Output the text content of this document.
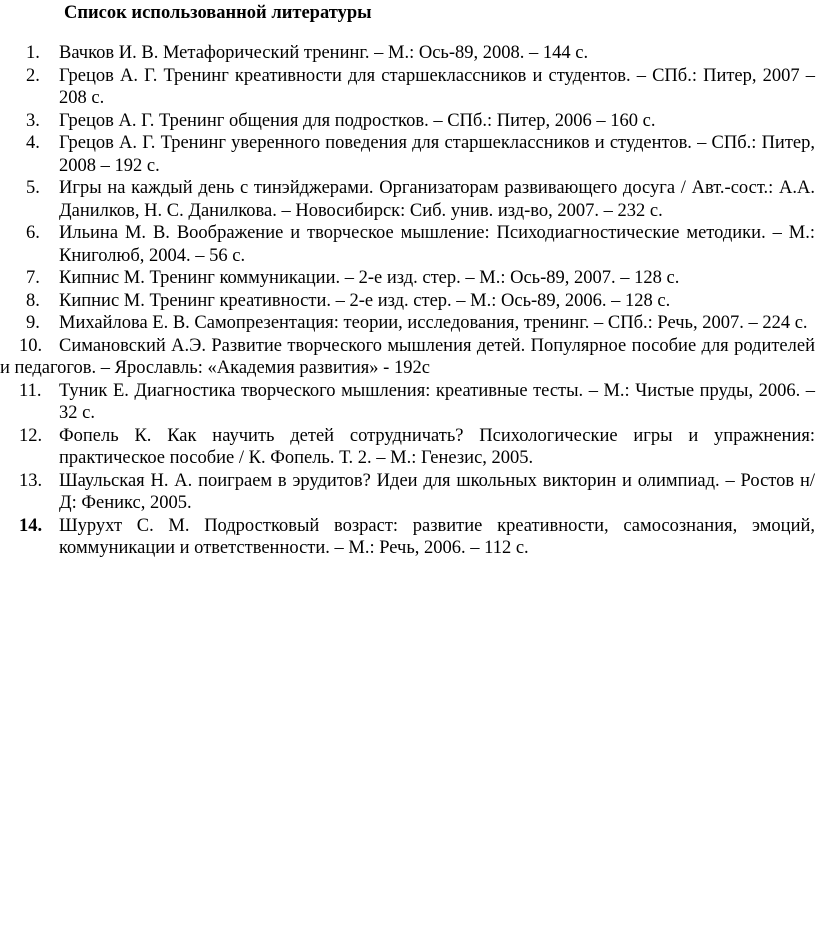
Список использованной литературы
1. Вачков И. В. Метафорический тренинг. – М.: Ось-89, 2008. – 144 с.
2. Грецов А. Г. Тренинг креативности для старшеклассников и студентов. – СПб.: Питер, 2007 – 208 с.
3. Грецов А. Г. Тренинг общения для подростков. – СПб.: Питер, 2006 – 160 с.
4. Грецов А. Г. Тренинг уверенного поведения для старшеклассников и студентов. – СПб.: Питер, 2008 – 192 с.
5. Игры на каждый день с тинэйджерами. Организаторам развивающего досуга / Авт.-сост.: А.А. Данилков, Н. С. Данилкова. – Новосибирск: Сиб. унив. изд-во, 2007. – 232 с.
6. Ильина М. В. Воображение и творческое мышление: Психодиагностические методики. – М.: Книголюб, 2004. – 56 с.
7. Кипнис М. Тренинг коммуникации. – 2-е изд. стер. – М.: Ось-89, 2007. – 128 с.
8. Кипнис М. Тренинг креативности. – 2-е изд. стер. – М.: Ось-89, 2006. – 128 с.
9. Михайлова Е. В. Самопрезентация: теории, исследования, тренинг. – СПб.: Речь, 2007. – 224 с.
10. Симановский А.Э. Развитие творческого мышления детей. Популярное пособие для родителей и педагогов. – Ярославль: «Академия развития» - 192с
11. Туник Е. Диагностика творческого мышления: креативные тесты. – М.: Чистые пруды, 2006. – 32 с.
12. Фопель К. Как научить детей сотрудничать? Психологические игры и упражнения: практическое пособие / К. Фопель. Т. 2. – М.: Генезис, 2005.
13. Шаульская Н. А. поиграем в эрудитов? Идеи для школьных викторин и олимпиад. – Ростов н/Д: Феникс, 2005.
14. Шурухт С. М. Подростковый возраст: развитие креативности, самосознания, эмоций, коммуникации и ответственности. – М.: Речь, 2006. – 112 с.
